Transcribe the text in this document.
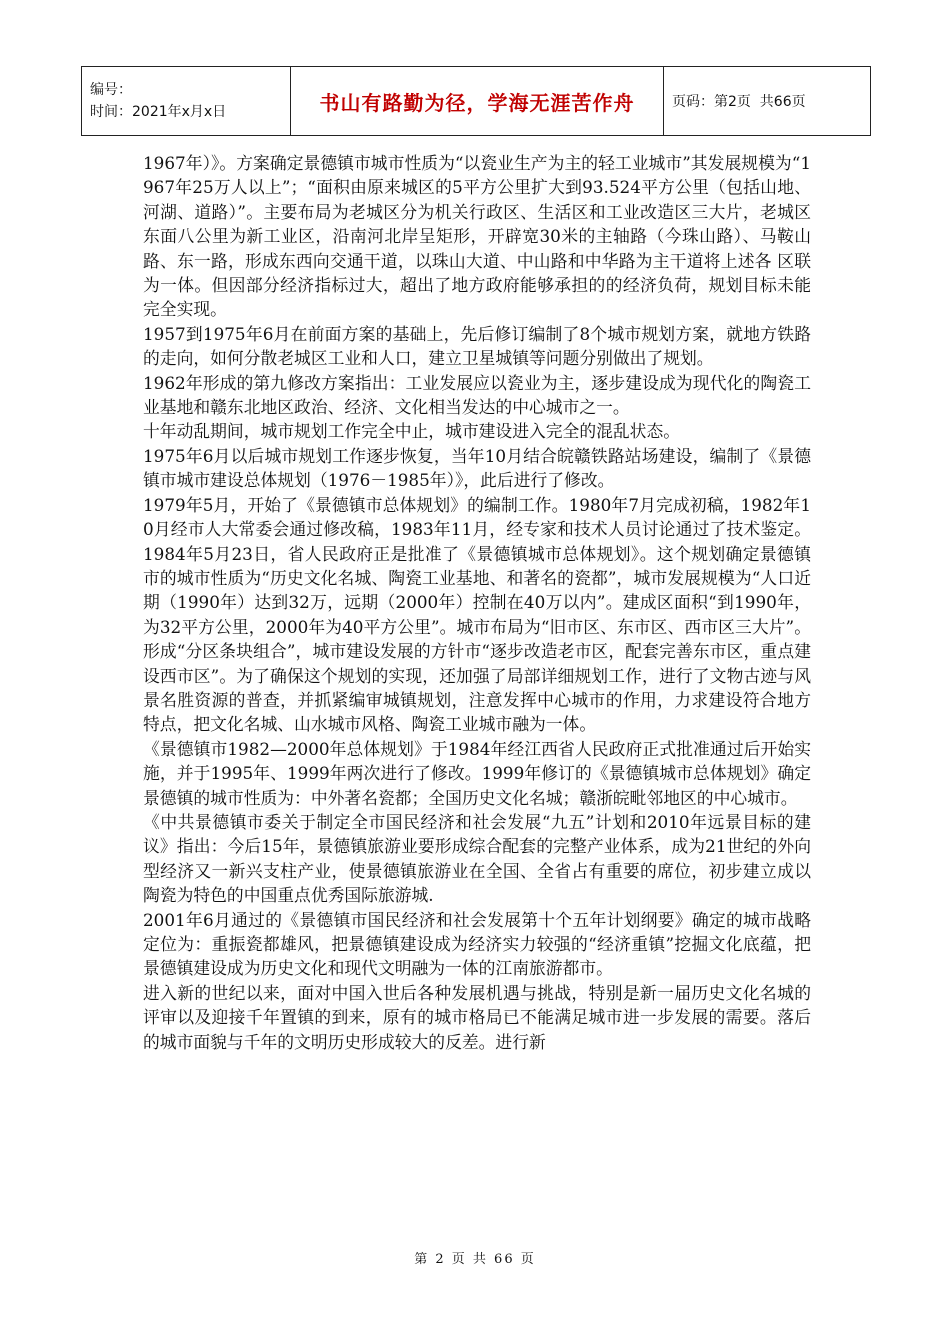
编号：
时间：2021年x月x日	书山有路勤为径，学海无涯苦作舟	页码：第2页  共66页

1967年）》。方案确定景德镇市城市性质为“以瓷业生产为主的轻工业城市”其发展规模为“1967年25万人以上”；“面积由原来城区的5平方公里扩大到93.524平方公里（包括山地、河湖、道路）”。主要布局为老城区分为机关行政区、生活区和工业改造区三大片，老城区东面八公里为新工业区，沿南河北岸呈矩形，开辟宽30米的主轴路（今珠山路）、马鞍山路、东一路，形成东西向交通干道，以珠山大道、中山路和中华路为主干道将上述各 区联为一体。但因部分经济指标过大，超出了地方政府能够承担的的经济负荷，规划目标未能完全实现。

1957到1975年6月在前面方案的基础上，先后修订编制了8个城市规划方案，就地方铁路的走向，如何分散老城区工业和人口，建立卫星城镇等问题分别做出了规划。

1962年形成的第九修改方案指出：工业发展应以瓷业为主，逐步建设成为现代化的陶瓷工业基地和赣东北地区政治、经济、文化相当发达的中心城市之一。

十年动乱期间，城市规划工作完全中止，城市建设进入完全的混乱状态。

1975年6月以后城市规划工作逐步恢复，当年10月结合皖赣铁路站场建设，编制了《景德镇市城市建设总体规划（1976－1985年）》，此后进行了修改。

1979年5月，开始了《景德镇市总体规划》的编制工作。1980年7月完成初稿，1982年10月经市人大常委会通过修改稿，1983年11月，经专家和技术人员讨论通过了技术鉴定。1984年5月23日，省人民政府正是批准了《景德镇城市总体规划》。这个规划确定景德镇市的城市性质为“历史文化名城、陶瓷工业基地、和著名的瓷都”，城市发展规模为“人口近期（1990年）达到32万，远期（2000年）控制在40万以内”。建成区面积“到1990年，为32平方公里，2000年为40平方公里”。城市布局为“旧市区、东市区、西市区三大片”。形成“分区条块组合”，城市建设发展的方针市“逐步改造老市区，配套完善东市区，重点建设西市区”。为了确保这个规划的实现，还加强了局部详细规划工作，进行了文物古迹与风景名胜资源的普查，并抓紧编审城镇规划，注意发挥中心城市的作用，力求建设符合地方特点，把文化名城、山水城市风格、陶瓷工业城市融为一体。

《景德镇市1982—2000年总体规划》于1984年经江西省人民政府正式批准通过后开始实施，并于1995年、1999年两次进行了修改。1999年修订的《景德镇城市总体规划》确定景德镇的城市性质为：中外著名瓷都；全国历史文化名城；赣浙皖毗邻地区的中心城市。

《中共景德镇市委关于制定全市国民经济和社会发展“九五”计划和2010年远景目标的建议》指出：今后15年，景德镇旅游业要形成综合配套的完整产业体系，成为21世纪的外向型经济又一新兴支柱产业，使景德镇旅游业在全国、全省占有重要的席位，初步建立成以陶瓷为特色的中国重点优秀国际旅游城.

2001年6月通过的《景德镇市国民经济和社会发展第十个五年计划纲要》确定的城市战略定位为：重振瓷都雄风，把景德镇建设成为经济实力较强的“经济重镇”挖掘文化底蕴，把景德镇建设成为历史文化和现代文明融为一体的江南旅游都市。

进入新的世纪以来，面对中国入世后各种发展机遇与挑战，特别是新一届历史文化名城的评审以及迎接千年置镇的到来，原有的城市格局已不能满足城市进一步发展的需要。落后的城市面貌与千年的文明历史形成较大的反差。进行新

第 2 页 共 66 页
